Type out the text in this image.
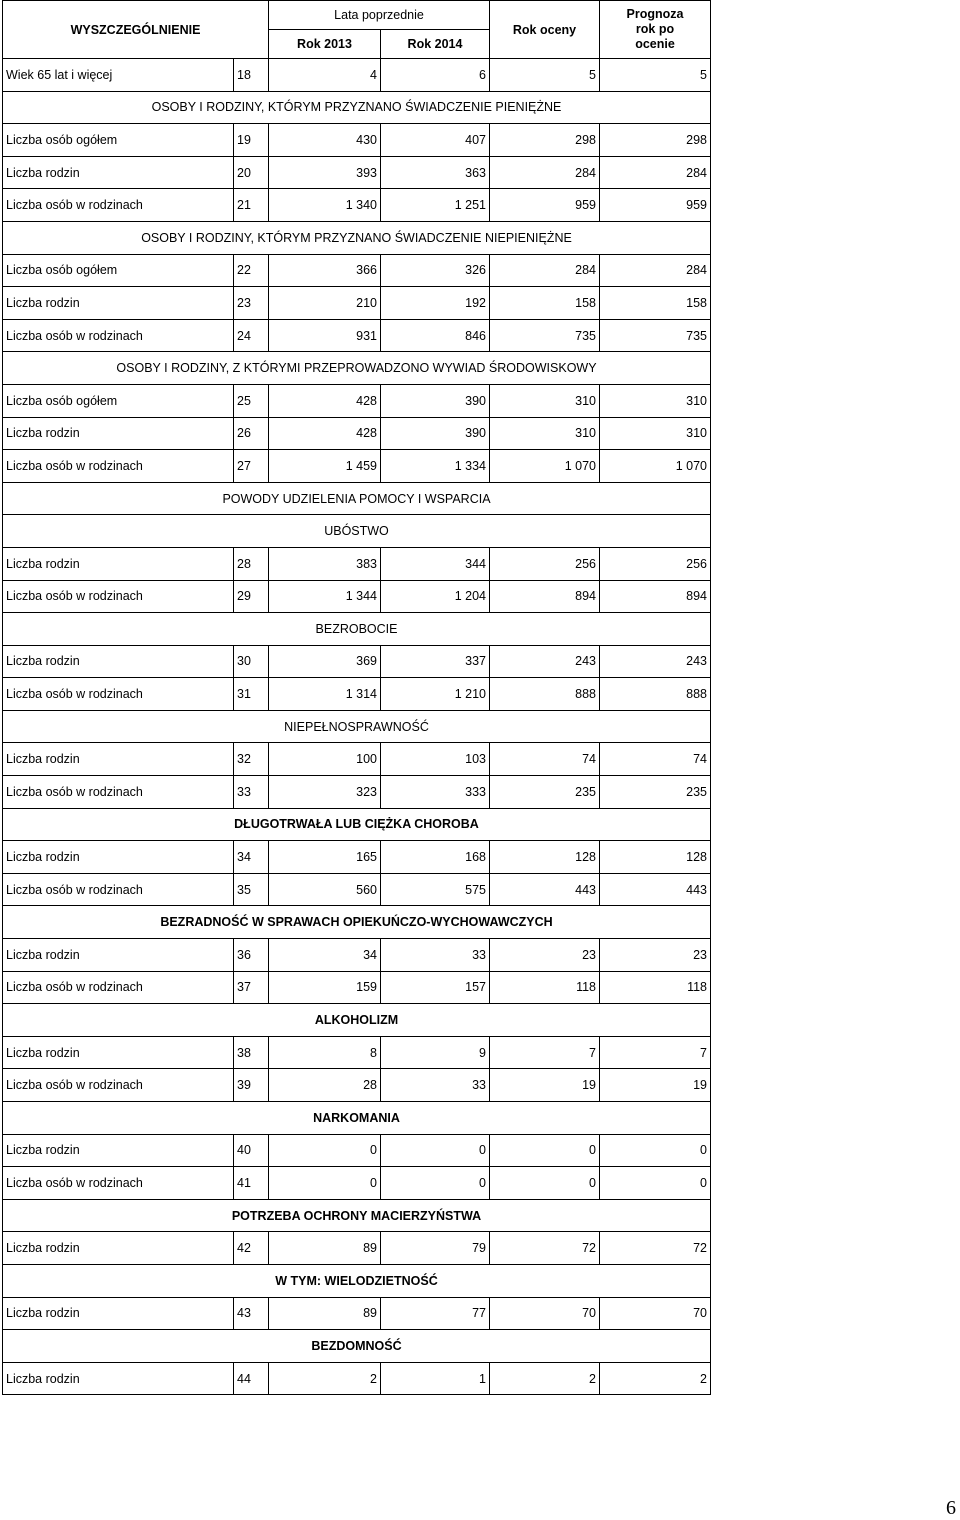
WYSZCZEGÓLNIENIE		Lata poprzednie		Rok oceny	Prognoza rok po ocenie
		Rok 2013	Rok 2014		
Wiek 65 lat i więcej	18	4	6	5	5
OSOBY I RODZINY, KTÓRYM PRZYZNANO ŚWIADCZENIE PIENIĘŻNE					
Liczba osób ogółem	19	430	407	298	298
Liczba rodzin	20	393	363	284	284
Liczba osób w rodzinach	21	1 340	1 251	959	959
OSOBY I RODZINY, KTÓRYM PRZYZNANO ŚWIADCZENIE NIEPIENIĘŻNE					
Liczba osób ogółem	22	366	326	284	284
Liczba rodzin	23	210	192	158	158
Liczba osób w rodzinach	24	931	846	735	735
OSOBY I RODZINY, Z KTÓRYMI PRZEPROWADZONO WYWIAD ŚRODOWISKOWY					
Liczba osób ogółem	25	428	390	310	310
Liczba rodzin	26	428	390	310	310
Liczba osób w rodzinach	27	1 459	1 334	1 070	1 070
POWODY UDZIELENIA POMOCY I WSPARCIA					
UBÓSTWO					
Liczba rodzin	28	383	344	256	256
Liczba osób w rodzinach	29	1 344	1 204	894	894
BEZROBOCIE					
Liczba rodzin	30	369	337	243	243
Liczba osób w rodzinach	31	1 314	1 210	888	888
NIEPEŁNOSPRAWNOŚĆ					
Liczba rodzin	32	100	103	74	74
Liczba osób w rodzinach	33	323	333	235	235
DŁUGOTRWAŁA LUB CIĘŻKA CHOROBA					
Liczba rodzin	34	165	168	128	128
Liczba osób w rodzinach	35	560	575	443	443
BEZRADNOŚĆ W SPRAWACH OPIEKUŃCZO-WYCHOWAWCZYCH					
Liczba rodzin	36	34	33	23	23
Liczba osób w rodzinach	37	159	157	118	118
ALKOHOLIZM					
Liczba rodzin	38	8	9	7	7
Liczba osób w rodzinach	39	28	33	19	19
NARKOMANIA					
Liczba rodzin	40	0	0	0	0
Liczba osób w rodzinach	41	0	0	0	0
POTRZEBA OCHRONY MACIERZYŃSTWA					
Liczba rodzin	42	89	79	72	72
W TYM: WIELODZIETNOŚĆ					
Liczba rodzin	43	89	77	70	70
BEZDOMNOŚĆ					
Liczba rodzin	44	2	1	2	2
6
